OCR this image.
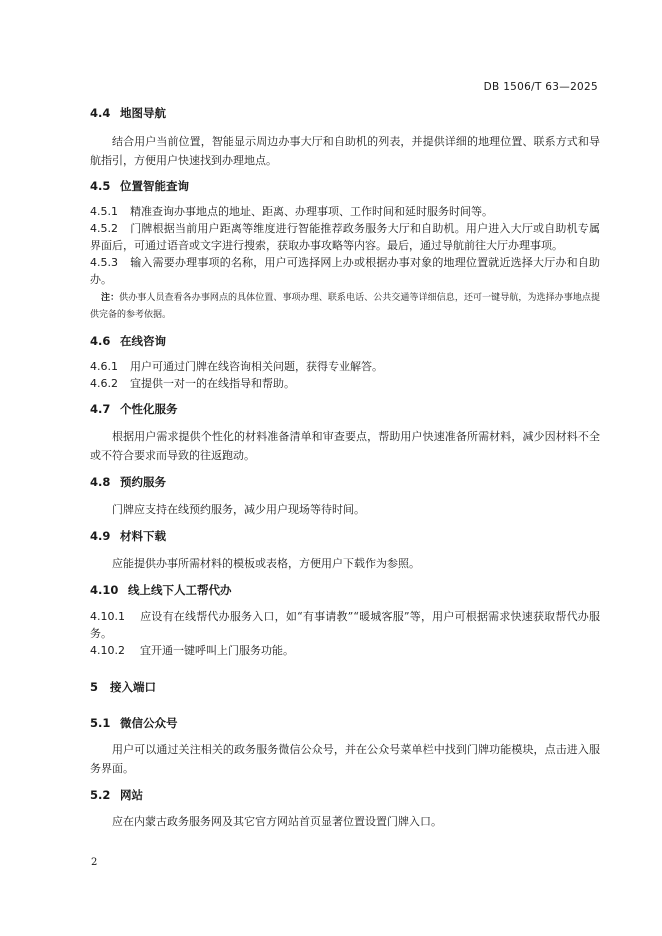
DB 1506/T 63—2025
4.4 地图导航

结合用户当前位置，智能显示周边办事大厅和自助机的列表，并提供详细的地理位置、联系方式和导航指引，方便用户快速找到办理地点。

4.5 位置智能查询

4.5.1 精准查询办事地点的地址、距离、办理事项、工作时间和延时服务时间等。

4.5.2 门牌根据当前用户距离等维度进行智能推荐政务服务大厅和自助机。用户进入大厅或自助机专属界面后，可通过语音或文字进行搜索，获取办事攻略等内容。最后，通过导航前往大厅办理事项。

4.5.3 输入需要办理事项的名称，用户可选择网上办或根据办事对象的地理位置就近选择大厅办和自助办。

注：供办事人员查看各办事网点的具体位置、事项办理、联系电话、公共交通等详细信息，还可一键导航，为选择办事地点提供完备的参考依据。

4.6 在线咨询

4.6.1 用户可通过门牌在线咨询相关问题，获得专业解答。

4.6.2 宜提供一对一的在线指导和帮助。

4.7 个性化服务

根据用户需求提供个性化的材料准备清单和审查要点，帮助用户快速准备所需材料，减少因材料不全或不符合要求而导致的往返跑动。

4.8 预约服务

门牌应支持在线预约服务，减少用户现场等待时间。

4.9 材料下载

应能提供办事所需材料的模板或表格，方便用户下载作为参照。

4.10 线上线下人工帮代办

4.10.1 应设有在线帮代办服务入口，如“有事请教”“暖城客服”等，用户可根据需求快速获取帮代办服务。

4.10.2 宜开通一键呼叫上门服务功能。

5 接入端口
5.1 微信公众号

用户可以通过关注相关的政务服务微信公众号，并在公众号菜单栏中找到门牌功能模块，点击进入服务界面。

5.2 网站

应在内蒙古政务服务网及其它官方网站首页显著位置设置门牌入口。

2
